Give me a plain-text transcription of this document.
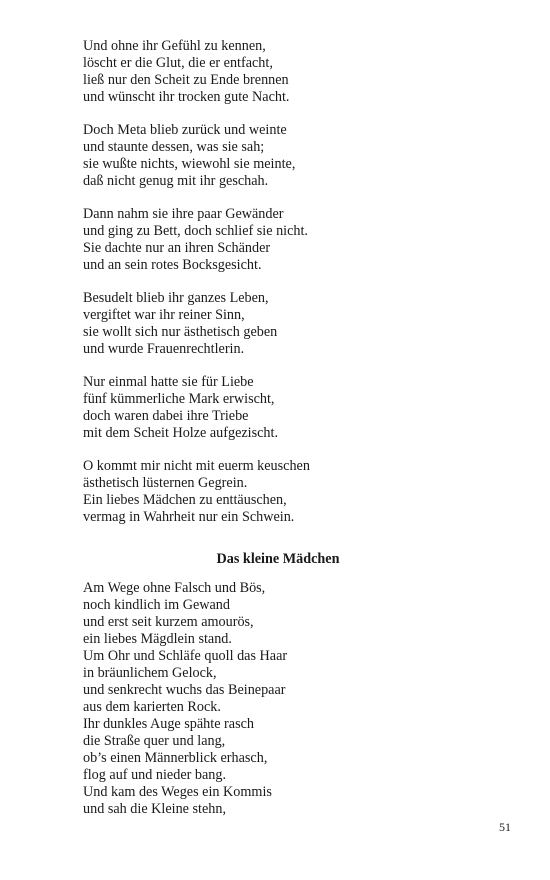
Und ohne ihr Gefühl zu kennen,
löscht er die Glut, die er entfacht,
ließ nur den Scheit zu Ende brennen
und wünscht ihr trocken gute Nacht.
Doch Meta blieb zurück und weinte
und staunte dessen, was sie sah;
sie wußte nichts, wiewohl sie meinte,
daß nicht genug mit ihr geschah.
Dann nahm sie ihre paar Gewänder
und ging zu Bett, doch schlief sie nicht.
Sie dachte nur an ihren Schänder
und an sein rotes Bocksgesicht.
Besudelt blieb ihr ganzes Leben,
vergiftet war ihr reiner Sinn,
sie wollt sich nur ästhetisch geben
und wurde Frauenrechtlerin.
Nur einmal hatte sie für Liebe
fünf kümmerliche Mark erwischt,
doch waren dabei ihre Triebe
mit dem Scheit Holze aufgezischt.
O kommt mir nicht mit euerm keuschen
ästhetisch lüsternen Gegrein.
Ein liebes Mädchen zu enttäuschen,
vermag in Wahrheit nur ein Schwein.
Das kleine Mädchen
Am Wege ohne Falsch und Bös,
noch kindlich im Gewand
und erst seit kurzem amourös,
ein liebes Mägdlein stand.
Um Ohr und Schläfe quoll das Haar
in bräunlichem Gelock,
und senkrecht wuchs das Beinepaar
aus dem karierten Rock.
Ihr dunkles Auge spähte rasch
die Straße quer und lang,
ob’s einen Männerblick erhasch,
flog auf und nieder bang.
Und kam des Weges ein Kommis
und sah die Kleine stehn,
51
